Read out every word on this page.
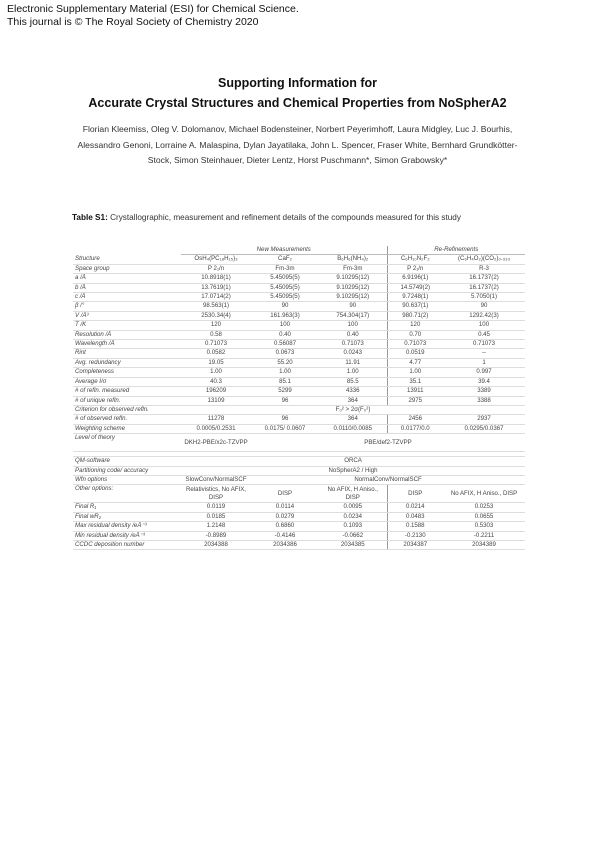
Electronic Supplementary Material (ESI) for Chemical Science.
This journal is © The Royal Society of Chemistry 2020
Supporting Information for
Accurate Crystal Structures and Chemical Properties from NoSpherA2
Florian Kleemiss, Oleg V. Dolomanov, Michael Bodensteiner, Norbert Peyerimhoff, Laura Midgley, Luc J. Bourhis, Alessandro Genoni, Lorraine A. Malaspina, Dylan Jayatilaka, John L. Spencer, Fraser White, Bernhard Grundkötter-Stock, Simon Steinhauer, Dieter Lentz, Horst Puschmann*, Simon Grabowsky*
Table S1: Crystallographic, measurement and refinement details of the compounds measured for this study
	New Measurements			Re-Refinements	
Structure	OsH₄(PC₁₈H₁₅)₃	CaF₂	B₆H₆(NH₄)₂	C₆H₁₀N₂F₂	(C₆H₄O₂)(CO₂)₀.₃₃₃
Space group	P 2₁/n	Fm-3m	Fm-3m	P 2₁/n	R-3
a /Å	10.8918(1)	5.45095(5)	9.10295(12)	6.9196(1)	16.1737(2)
b /Å	13.7619(1)	5.45095(5)	9.10295(12)	14.5749(2)	16.1737(2)
c /Å	17.0714(2)	5.45095(5)	9.10295(12)	9.7248(1)	5.7050(1)
β /°	98.563(1)	90	90	90.637(1)	90
V /Å³	2530.34(4)	161.963(3)	754.304(17)	980.71(2)	1292.42(3)
T /K	120	100	100	120	100
Resolution /Å	0.58	0.40	0.40	0.70	0.45
Wavelength /Å	0.71073	0.56087	0.71073	0.71073	0.71073
Rint	0.0582	0.0673	0.0243	0.0519	--
Avg. redundancy	19.05	55.20	11.91	4.77	1
Completeness	1.00	1.00	1.00	1.00	0.997
Average I/σ	40.3	85.1	85.5	35.1	39.4
# of refln. measured	196209	5299	4336	13911	3389
# of unique refln.	13109	96	364	2975	3388
Criterion for observed refln.	F₀² > 2σ(F₀²)				
# of observed refln.	11278	96	364	2456	2937
Weighting scheme	0.0005/0.2531	0.0175/ 0.0607	0.0110/0.0085	0.0177/0.0	0.0295/0.0367
Level of theory	DKH2-PBE/x2c-TZVPP	PBE/def2-TZVPP			

QM-software	ORCA				
Partitioning code/ accuracy	NoSpherA2 / High				
Wfn options	SlowConv/NormalSCF	NormalConv/NormalSCF			
Other options:	Relativistics, No AFIX, DISP	DISP	No AFIX, H Aniso., DISP	DISP	No AFIX, H Aniso., DISP
Final R₁	0.0119	0.0114	0.0095	0.0214	0.0253
Final wR₂	0.0185	0.0279	0.0234	0.0483	0.0655
Max residual density /eÅ⁻³	1.2148	0.6860	0.1093	0.1588	0.5303
Min residual density /eÅ⁻³	-0.8989	-0.4146	-0.0662	-0.2130	-0.2211
CCDC deposition number	2034388	2034386	2034385	2034387	2034389
